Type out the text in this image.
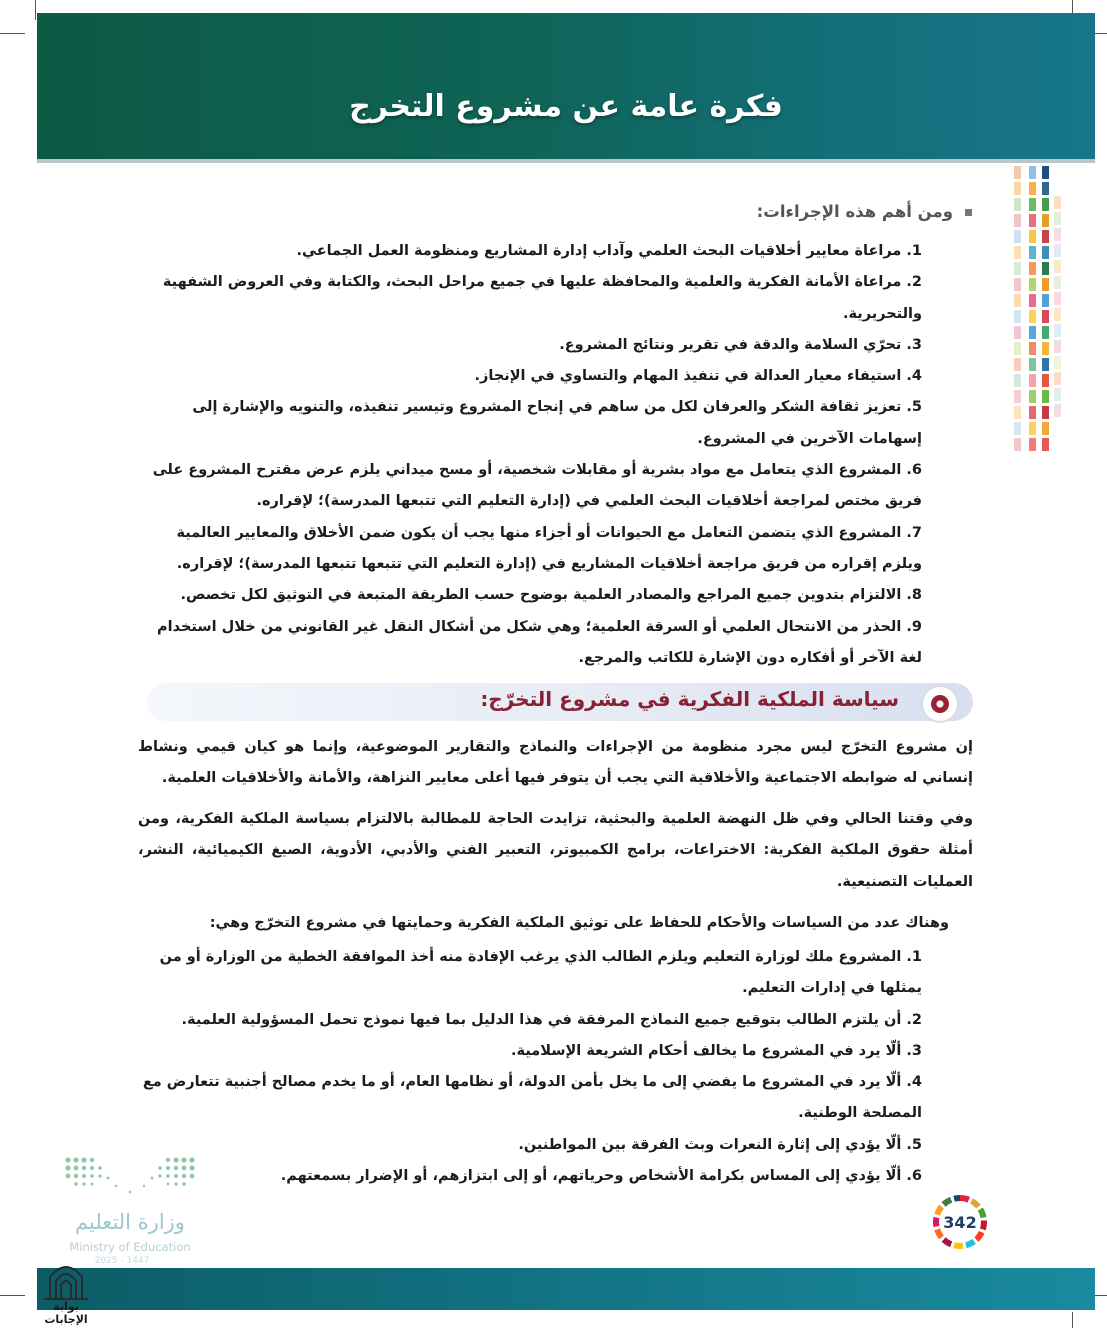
فكرة عامة عن مشروع التخرج
ومن أهم هذه الإجراءات:
1. مراعاة معايير أخلاقيات البحث العلمي وآداب إدارة المشاريع ومنظومة العمل الجماعي.
2. مراعاة الأمانة الفكرية والعلمية والمحافظة عليها في جميع مراحل البحث، والكتابة وفي العروض الشفهية والتحريرية.
3. تحرّي السلامة والدقة في تقرير ونتائج المشروع.
4. استيفاء معيار العدالة في تنفيذ المهام والتساوي في الإنجاز.
5. تعزيز ثقافة الشكر والعرفان لكل من ساهم في إنجاح المشروع وتيسير تنفيذه، والتنويه والإشارة إلى إسهامات الآخرين في المشروع.
6. المشروع الذي يتعامل مع مواد بشرية أو مقابلات شخصية، أو مسح ميداني يلزم عرض مقترح المشروع على فريق مختص لمراجعة أخلاقيات البحث العلمي في (إدارة التعليم التي تتبعها المدرسة)؛ لإقراره.
7. المشروع الذي يتضمن التعامل مع الحيوانات أو أجزاء منها يجب أن يكون ضمن الأخلاق والمعايير العالمية ويلزم إقراره من فريق مراجعة أخلاقيات المشاريع في (إدارة التعليم التي تتبعها تتبعها المدرسة)؛ لإقراره.
8. الالتزام بتدوين جميع المراجع والمصادر العلمية بوضوح حسب الطريقة المتبعة في التوثيق لكل تخصص.
9. الحذر من الانتحال العلمي أو السرقة العلمية؛ وهي شكل من أشكال النقل غير القانوني من خلال استخدام لغة الآخر أو أفكاره دون الإشارة للكاتب والمرجع.
سياسة الملكية الفكرية في مشروع التخرّج:
إن مشروع التخرّج ليس مجرد منظومة من الإجراءات والنماذج والتقارير الموضوعية، وإنما هو كيان قيمي ونشاط إنساني له ضوابطه الاجتماعية والأخلاقية التي يجب أن يتوفر فيها أعلى معايير النزاهة، والأمانة والأخلاقيات العلمية.
وفي وقتنا الحالي وفي ظل النهضة العلمية والبحثية، تزايدت الحاجة للمطالبة بالالتزام بسياسة الملكية الفكرية، ومن أمثلة حقوق الملكية الفكرية: الاختراعات، برامج الكمبيوتر، التعبير الفني والأدبي، الأدوية، الصيغ الكيميائية، النشر، العمليات التصنيعية.
وهناك عدد من السياسات والأحكام للحفاظ على توثيق الملكية الفكرية وحمايتها في مشروع التخرّج وهي:
1. المشروع ملك لوزارة التعليم ويلزم الطالب الذي يرغب الإفادة منه أخذ الموافقة الخطية من الوزارة أو من يمثلها في إدارات التعليم.
2. أن يلتزم الطالب بتوقيع جميع النماذج المرفقة في هذا الدليل بما فيها نموذج تحمل المسؤولية العلمية.
3. ألّا يرد في المشروع ما يخالف أحكام الشريعة الإسلامية.
4. ألّا يرد في المشروع ما يفضي إلى ما يخل بأمن الدولة، أو نظامها العام، أو ما يخدم مصالح أجنبية تتعارض مع المصلحة الوطنية.
5. ألّا يؤدي إلى إثارة النعرات وبث الفرقة بين المواطنين.
6. ألّا يؤدي إلى المساس بكرامة الأشخاص وحرياتهم، أو إلى ابتزازهم، أو الإضرار بسمعتهم.
وزارة التعليم
Ministry of Education
2025 - 1447
342
بوابة الإجابات
